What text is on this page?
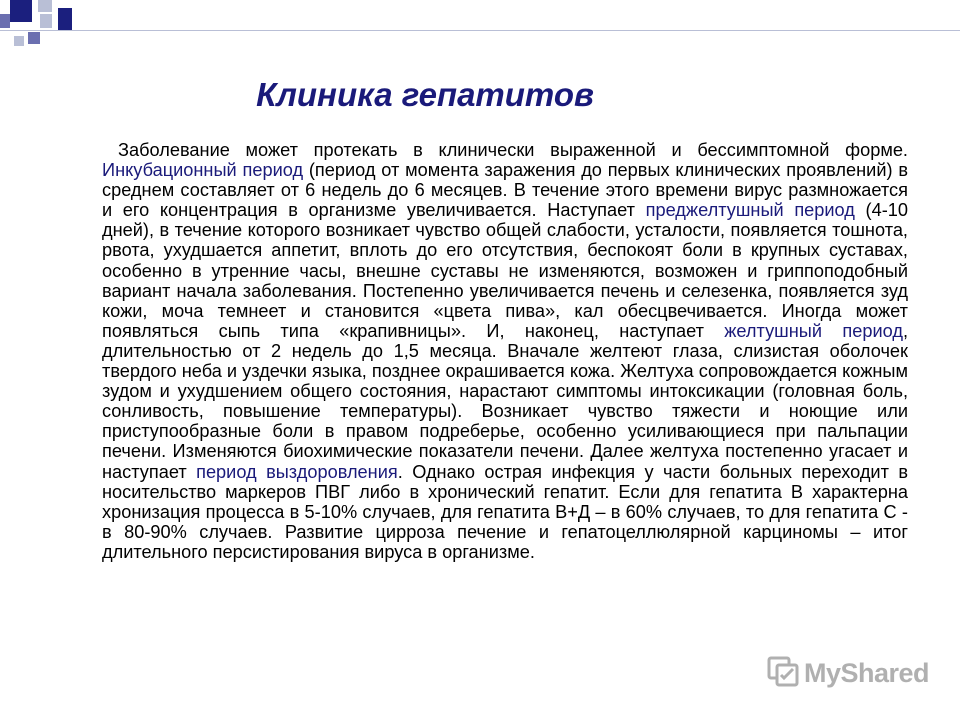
Клиника гепатитов
Заболевание может протекать в клинически выраженной и бессимптомной форме. Инкубационный период (период от момента заражения до первых клинических проявлений) в среднем составляет от 6 недель до 6 месяцев. В течение этого времени вирус размножается и его концентрация в организме увеличивается. Наступает преджелтушный период (4-10 дней), в течение которого возникает чувство общей слабости, усталости, появляется тошнота, рвота, ухудшается аппетит, вплоть до его отсутствия, беспокоят боли в крупных суставах, особенно в утренние часы, внешне суставы не изменяются, возможен и гриппоподобный вариант начала заболевания. Постепенно увеличивается печень и селезенка, появляется зуд кожи, моча темнеет и становится «цвета пива», кал обесцвечивается. Иногда может появляться сыпь типа «крапивницы». И, наконец, наступает желтушный период, длительностью от 2 недель до 1,5 месяца. Вначале желтеют глаза, слизистая оболочек твердого неба и уздечки языка, позднее окрашивается кожа. Желтуха сопровождается кожным зудом и ухудшением общего состояния, нарастают симптомы интоксикации (головная боль, сонливость, повышение температуры). Возникает чувство тяжести и ноющие или приступообразные боли в правом подреберье, особенно усиливающиеся при пальпации печени. Изменяются биохимические показатели печени. Далее желтуха постепенно угасает и наступает период выздоровления. Однако острая инфекция у части больных переходит в носительство маркеров ПВГ либо в хронический гепатит. Если для гепатита В характерна хронизация процесса в 5-10% случаев, для гепатита В+Д – в 60% случаев, то для гепатита С - в 80-90% случаев. Развитие цирроза печение и гепатоцеллюлярной карциномы – итог длительного персистирования вируса в организме.
MyShared
